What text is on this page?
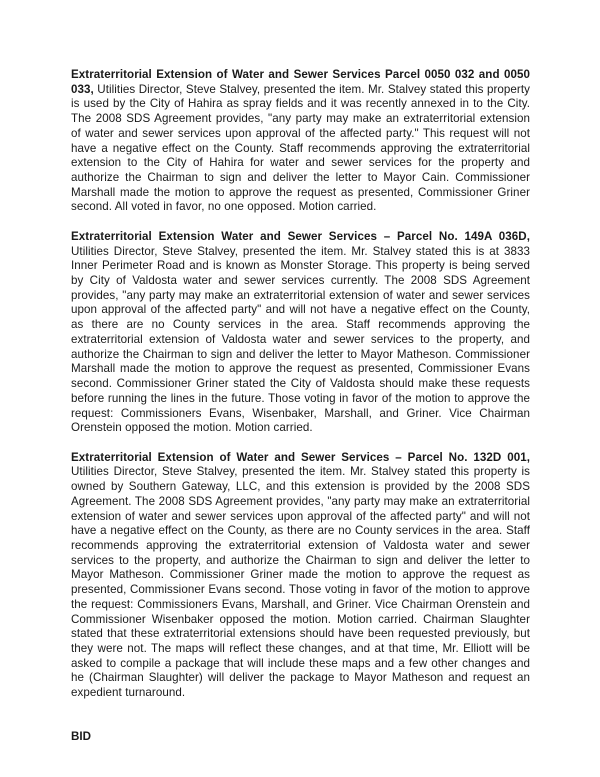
Extraterritorial Extension of Water and Sewer Services Parcel 0050 032 and 0050 033, Utilities Director, Steve Stalvey, presented the item. Mr. Stalvey stated this property is used by the City of Hahira as spray fields and it was recently annexed in to the City. The 2008 SDS Agreement provides, "any party may make an extraterritorial extension of water and sewer services upon approval of the affected party." This request will not have a negative effect on the County. Staff recommends approving the extraterritorial extension to the City of Hahira for water and sewer services for the property and authorize the Chairman to sign and deliver the letter to Mayor Cain. Commissioner Marshall made the motion to approve the request as presented, Commissioner Griner second. All voted in favor, no one opposed. Motion carried.

Extraterritorial Extension Water and Sewer Services – Parcel No. 149A 036D, Utilities Director, Steve Stalvey, presented the item. Mr. Stalvey stated this is at 3833 Inner Perimeter Road and is known as Monster Storage. This property is being served by City of Valdosta water and sewer services currently. The 2008 SDS Agreement provides, "any party may make an extraterritorial extension of water and sewer services upon approval of the affected party" and will not have a negative effect on the County, as there are no County services in the area. Staff recommends approving the extraterritorial extension of Valdosta water and sewer services to the property, and authorize the Chairman to sign and deliver the letter to Mayor Matheson. Commissioner Marshall made the motion to approve the request as presented, Commissioner Evans second. Commissioner Griner stated the City of Valdosta should make these requests before running the lines in the future. Those voting in favor of the motion to approve the request: Commissioners Evans, Wisenbaker, Marshall, and Griner. Vice Chairman Orenstein opposed the motion. Motion carried.

Extraterritorial Extension of Water and Sewer Services – Parcel No. 132D 001, Utilities Director, Steve Stalvey, presented the item. Mr. Stalvey stated this property is owned by Southern Gateway, LLC, and this extension is provided by the 2008 SDS Agreement. The 2008 SDS Agreement provides, "any party may make an extraterritorial extension of water and sewer services upon approval of the affected party" and will not have a negative effect on the County, as there are no County services in the area. Staff recommends approving the extraterritorial extension of Valdosta water and sewer services to the property, and authorize the Chairman to sign and deliver the letter to Mayor Matheson. Commissioner Griner made the motion to approve the request as presented, Commissioner Evans second. Those voting in favor of the motion to approve the request: Commissioners Evans, Marshall, and Griner. Vice Chairman Orenstein and Commissioner Wisenbaker opposed the motion. Motion carried. Chairman Slaughter stated that these extraterritorial extensions should have been requested previously, but they were not. The maps will reflect these changes, and at that time, Mr. Elliott will be asked to compile a package that will include these maps and a few other changes and he (Chairman Slaughter) will deliver the package to Mayor Matheson and request an expedient turnaround.

BID
